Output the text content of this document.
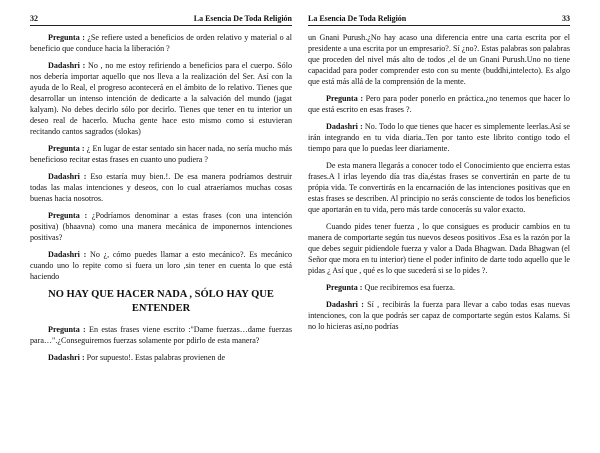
32	La Esencia De Toda Religión

Pregunta : ¿Se refiere usted a beneficios de orden relativo y material o al beneficio que conduce hacia la liberación ?

Dadashri : No , no me estoy refiriendo a beneficios para el cuerpo. Sólo nos debería importar aquello que nos lleva a la realización del Ser. Así con la ayuda de lo Real, el progreso acontecerá en el ámbito de lo relativo. Tienes que desarrollar un intenso intención de dedicarte a la salvación del mundo (jagat kalyam). No debes decirlo sólo por decirlo. Tienes que tener en tu interior un deseo real de hacerlo. Mucha gente hace esto mismo como si estuvieran recitando cantos sagrados (slokas)

Pregunta : ¿ En lugar de estar sentado sin hacer nada, no sería mucho más beneficioso recitar estas frases en cuanto uno pudiera ?

Dadashri : Eso estaría muy bien.!. De esa manera podríamos destruir todas las malas intenciones y deseos, con lo cual atraeríamos muchas cosas buenas hacia nosotros.

Pregunta : ¿Podríamos denominar a estas frases (con una intención positiva) (bhaavna) como una manera mecánica de imponernos intenciones positivas?

Dadashri : No ¿, cómo puedes llamar a esto mecánico?. Es mecánico cuando uno lo repite como si fuera un loro ,sin tener en cuenta lo que está haciendo

NO HAY QUE HACER NADA , SÓLO HAY QUE ENTENDER

Pregunta : En estas frases viene escrito :"Dame fuerzas…dame fuerzas para…".¿Conseguiremos fuerzas solamente por pdirlo de esta manera?

Dadashri : Por supuesto!. Estas palabras provienen de

La Esencia De Toda Religión	33

un Gnani Purush.¿No hay acaso una diferencia entre una carta escrita por el presidente a una escrita por un empresario?. Sí ¿no?. Estas palabras son palabras que proceden del nivel más alto de todos ,el de un Gnani Purush.Uno no tiene capacidad para poder comprender esto con su mente (buddhi,intelecto). Es algo que está más allá de la comprensión de la mente.

Pregunta : Pero para poder ponerlo en práctica.¿no tenemos que hacer lo que está escrito en esas frases ?.

Dadashri : No. Todo lo que tienes que hacer es simplemente leerlas.Así se irán integrando en tu vida diaria..Ten por tanto este librito contigo todo el tiempo para que lo puedas leer diariamente.

De esta manera llegarás a conocer todo el Conocimiento que encierra estas frases.A l irlas leyendo día tras día,éstas frases se convertirán en parte de tu própia vida. Te convertirás en la encarnación de las intenciones positivas que en estas frases se describen. Al principio no serás consciente de todos los beneficios que aportarán en tu vida, pero más tarde conocerás su valor exacto.

Cuando pides tener fuerza , lo que consigues es producir cambios en tu manera de comportarte según tus nuevos deseos positivos .Esa es la razón por la que debes seguir pidiendole fuerza y valor a Dada Bhagwan. Dada Bhagwan (el Señor que mora en tu interior) tiene el poder infinito de darte todo aquello que le pidas ¿ Así que , qué es lo que sucederá si se lo pides ?.

Pregunta : Que recibiremos esa fuerza.

Dadashri : Sí , recibirás la fuerza para llevar a cabo todas esas nuevas intenciones, con la que podrás ser capaz de comportarte según estos Kalams. Si no lo hicieras así,no podrías
